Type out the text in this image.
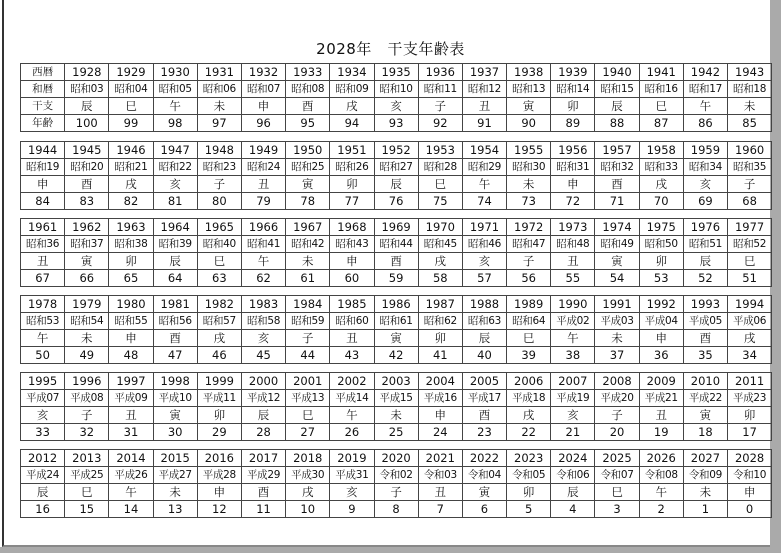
2028年　干支年齢表
西暦	1928	1929	1930	1931	1932	1933	1934	1935	1936	1937	1938	1939	1940	1941	1942	1943
和暦	昭和03	昭和04	昭和05	昭和06	昭和07	昭和08	昭和09	昭和10	昭和11	昭和12	昭和13	昭和14	昭和15	昭和16	昭和17	昭和18
干支	辰	巳	午	未	申	酉	戌	亥	子	丑	寅	卯	辰	巳	午	未
年齢	100	99	98	97	96	95	94	93	92	91	90	89	88	87	86	85
1944	1945	1946	1947	1948	1949	1950	1951	1952	1953	1954	1955	1956	1957	1958	1959	1960
昭和19	昭和20	昭和21	昭和22	昭和23	昭和24	昭和25	昭和26	昭和27	昭和28	昭和29	昭和30	昭和31	昭和32	昭和33	昭和34	昭和35
申	酉	戌	亥	子	丑	寅	卯	辰	巳	午	未	申	酉	戌	亥	子
84	83	82	81	80	79	78	77	76	75	74	73	72	71	70	69	68
1961	1962	1963	1964	1965	1966	1967	1968	1969	1970	1971	1972	1973	1974	1975	1976	1977
昭和36	昭和37	昭和38	昭和39	昭和40	昭和41	昭和42	昭和43	昭和44	昭和45	昭和46	昭和47	昭和48	昭和49	昭和50	昭和51	昭和52
丑	寅	卯	辰	巳	午	未	申	酉	戌	亥	子	丑	寅	卯	辰	巳
67	66	65	64	63	62	61	60	59	58	57	56	55	54	53	52	51
1978	1979	1980	1981	1982	1983	1984	1985	1986	1987	1988	1989	1990	1991	1992	1993	1994
昭和53	昭和54	昭和55	昭和56	昭和57	昭和58	昭和59	昭和60	昭和61	昭和62	昭和63	昭和64	平成02	平成03	平成04	平成05	平成06
午	未	申	酉	戌	亥	子	丑	寅	卯	辰	巳	午	未	申	酉	戌
50	49	48	47	46	45	44	43	42	41	40	39	38	37	36	35	34
1995	1996	1997	1998	1999	2000	2001	2002	2003	2004	2005	2006	2007	2008	2009	2010	2011
平成07	平成08	平成09	平成10	平成11	平成12	平成13	平成14	平成15	平成16	平成17	平成18	平成19	平成20	平成21	平成22	平成23
亥	子	丑	寅	卯	辰	巳	午	未	申	酉	戌	亥	子	丑	寅	卯
33	32	31	30	29	28	27	26	25	24	23	22	21	20	19	18	17
2012	2013	2014	2015	2016	2017	2018	2019	2020	2021	2022	2023	2024	2025	2026	2027	2028
平成24	平成25	平成26	平成27	平成28	平成29	平成30	平成31	令和02	令和03	令和04	令和05	令和06	令和07	令和08	令和09	令和10
辰	巳	午	未	申	酉	戌	亥	子	丑	寅	卯	辰	巳	午	未	申
16	15	14	13	12	11	10	9	8	7	6	5	4	3	2	1	0
